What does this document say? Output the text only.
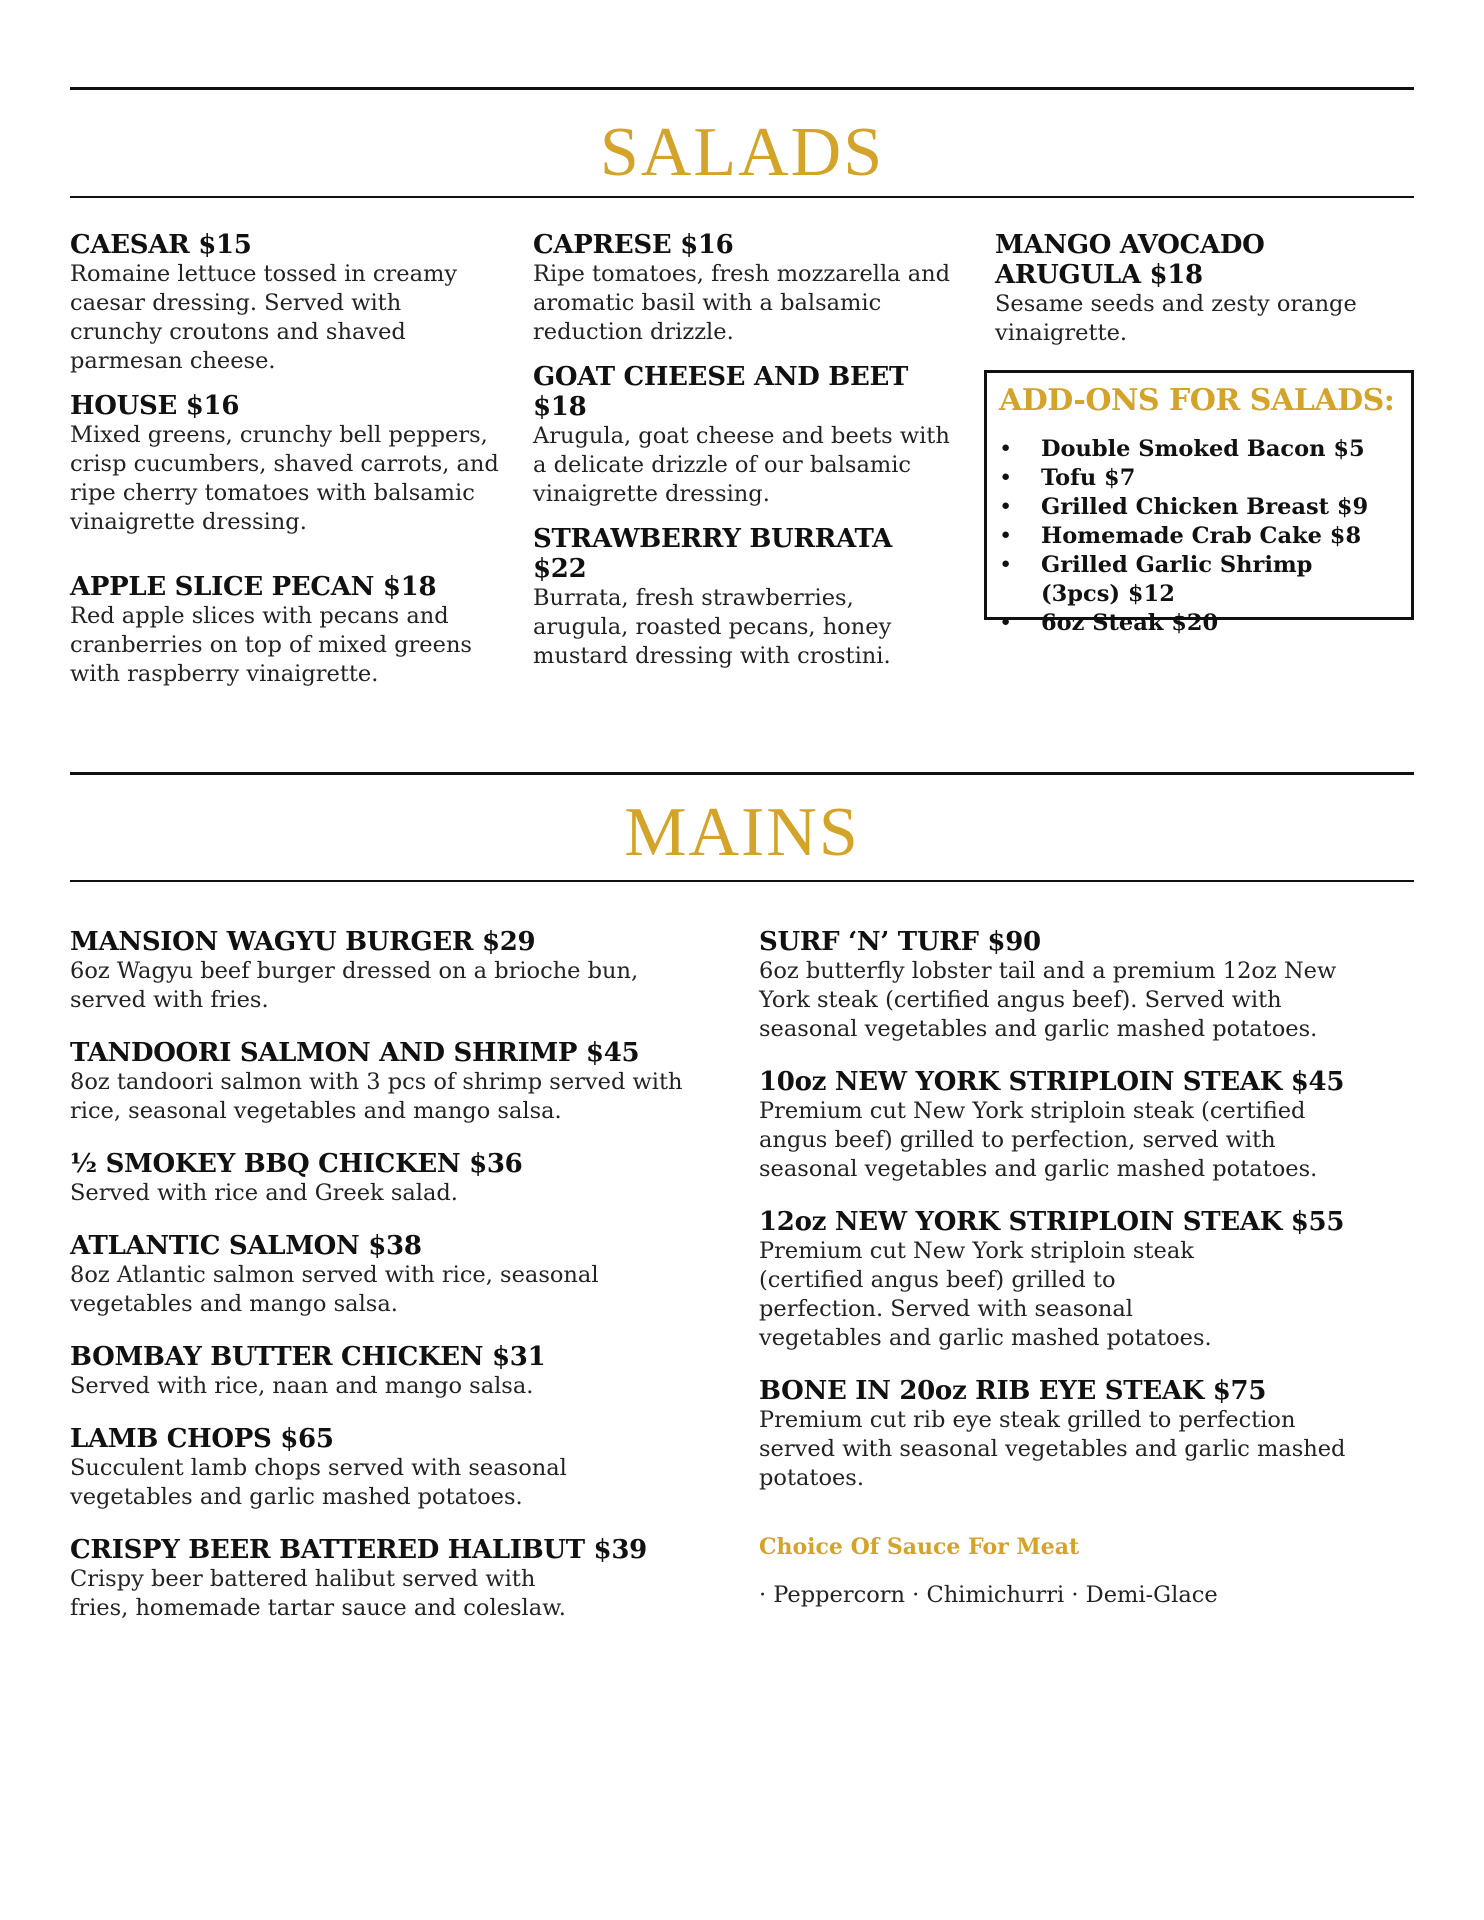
SALADS

CAESAR $15

Romaine lettuce tossed in creamy caesar dressing. Served with crunchy croutons and shaved parmesan cheese.

HOUSE $16

Mixed greens, crunchy bell peppers, crisp cucumbers, shaved carrots, and ripe cherry tomatoes with balsamic vinaigrette dressing.

APPLE SLICE PECAN $18

Red apple slices with pecans and cranberries on top of mixed greens with raspberry vinaigrette.

CAPRESE $16

Ripe tomatoes, fresh mozzarella and aromatic basil with a balsamic reduction drizzle.

GOAT CHEESE AND BEET $18

Arugula, goat cheese and beets with a delicate drizzle of our balsamic vinaigrette dressing.

STRAWBERRY BURRATA $22

Burrata, fresh strawberries, arugula, roasted pecans, honey mustard dressing with crostini.

MANGO AVOCADO ARUGULA $18

Sesame seeds and zesty orange vinaigrette.

ADD-ONS FOR SALADS:

• Double Smoked Bacon $5
• Tofu $7
• Grilled Chicken Breast $9
• Homemade Crab Cake $8
• Grilled Garlic Shrimp (3pcs) $12
• 6oz Steak $20
MAINS

MANSION WAGYU BURGER $29

6oz Wagyu beef burger dressed on a brioche bun, served with fries.

TANDOORI SALMON AND SHRIMP $45

8oz tandoori salmon with 3 pcs of shrimp served with rice, seasonal vegetables and mango salsa.

½ SMOKEY BBQ CHICKEN $36

Served with rice and Greek salad.

ATLANTIC SALMON $38

8oz Atlantic salmon served with rice, seasonal vegetables and mango salsa.

BOMBAY BUTTER CHICKEN $31

Served with rice, naan and mango salsa.

LAMB CHOPS $65

Succulent lamb chops served with seasonal vegetables and garlic mashed potatoes.

CRISPY BEER BATTERED HALIBUT $39

Crispy beer battered halibut served with fries, homemade tartar sauce and coleslaw.

SURF ‘N’ TURF $90

6oz butterfly lobster tail and a premium 12oz New York steak (certified angus beef). Served with seasonal vegetables and garlic mashed potatoes.

10oz NEW YORK STRIPLOIN STEAK $45

Premium cut New York striploin steak (certified angus beef) grilled to perfection, served with seasonal vegetables and garlic mashed potatoes.

12oz NEW YORK STRIPLOIN STEAK $55

Premium cut New York striploin steak (certified angus beef) grilled to perfection. Served with seasonal vegetables and garlic mashed potatoes.

BONE IN 20oz RIB EYE STEAK $75

Premium cut rib eye steak grilled to perfection served with seasonal vegetables and garlic mashed potatoes.

Choice Of Sauce For Meat

· Peppercorn · Chimichurri · Demi-Glace
